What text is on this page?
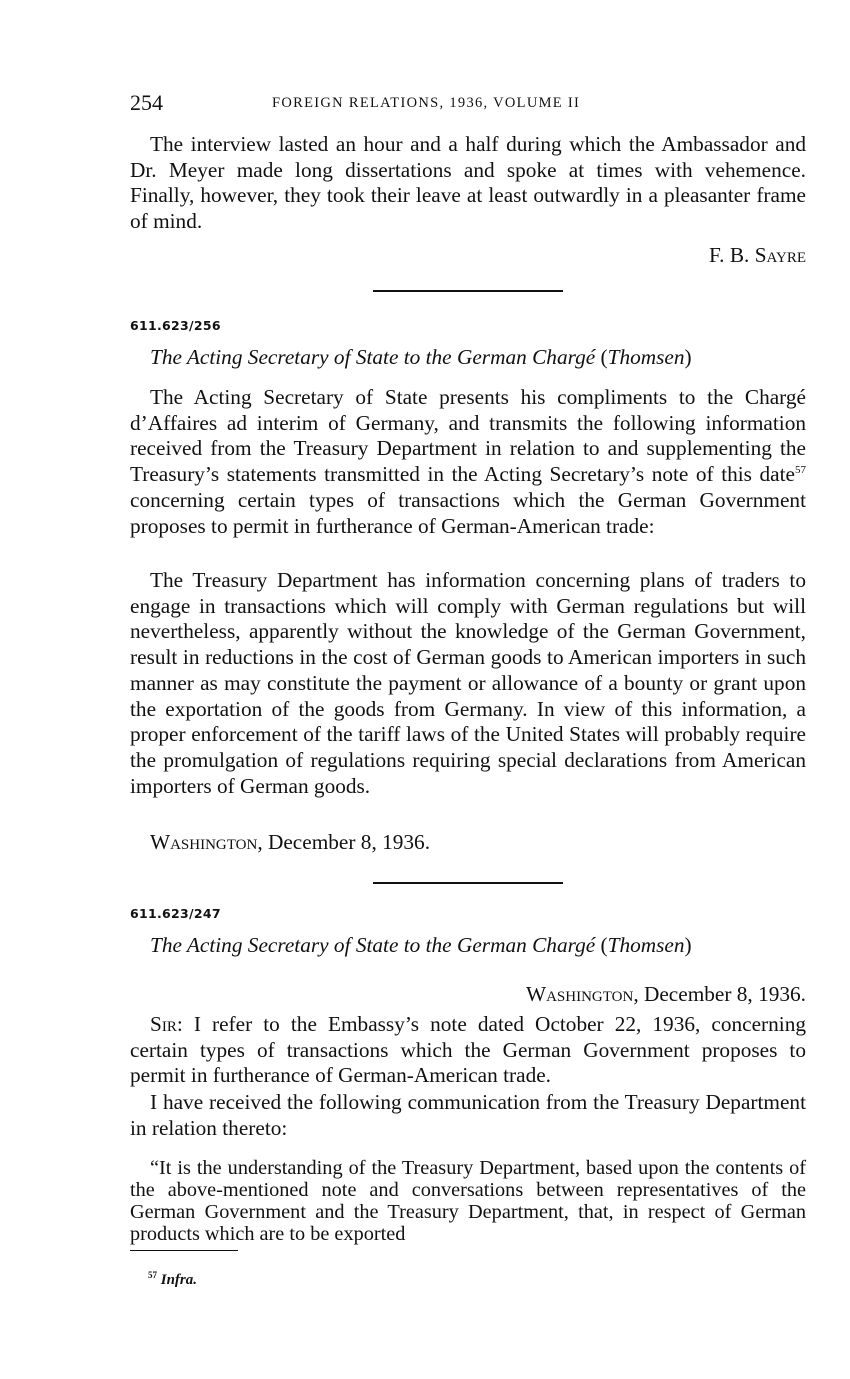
254	FOREIGN RELATIONS, 1936, VOLUME II

The interview lasted an hour and a half during which the Ambassador and Dr. Meyer made long dissertations and spoke at times with vehemence. Finally, however, they took their leave at least outwardly in a pleasanter frame of mind.

F. B. Sayre

611.623/256
The Acting Secretary of State to the German Chargé (Thomsen)

The Acting Secretary of State presents his compliments to the Chargé d’Affaires ad interim of Germany, and transmits the following information received from the Treasury Department in relation to and supplementing the Treasury’s statements transmitted in the Acting Secretary’s note of this date$^{57}$ concerning certain types of transactions which the German Government proposes to permit in furtherance of German-American trade:

The Treasury Department has information concerning plans of traders to engage in transactions which will comply with German regulations but will nevertheless, apparently without the knowledge of the German Government, result in reductions in the cost of German goods to American importers in such manner as may constitute the payment or allowance of a bounty or grant upon the exportation of the goods from Germany. In view of this information, a proper enforcement of the tariff laws of the United States will probably require the promulgation of regulations requiring special declarations from American importers of German goods.

Washington, December 8, 1936.

611.623/247
The Acting Secretary of State to the German Chargé (Thomsen)

Washington, December 8, 1936.

Sir: I refer to the Embassy’s note dated October 22, 1936, concerning certain types of transactions which the German Government proposes to permit in furtherance of German-American trade.

I have received the following communication from the Treasury Department in relation thereto:

“It is the understanding of the Treasury Department, based upon the contents of the above-mentioned note and conversations between representatives of the German Government and the Treasury Department, that, in respect of German products which are to be exported

$^{57}$ Infra.
